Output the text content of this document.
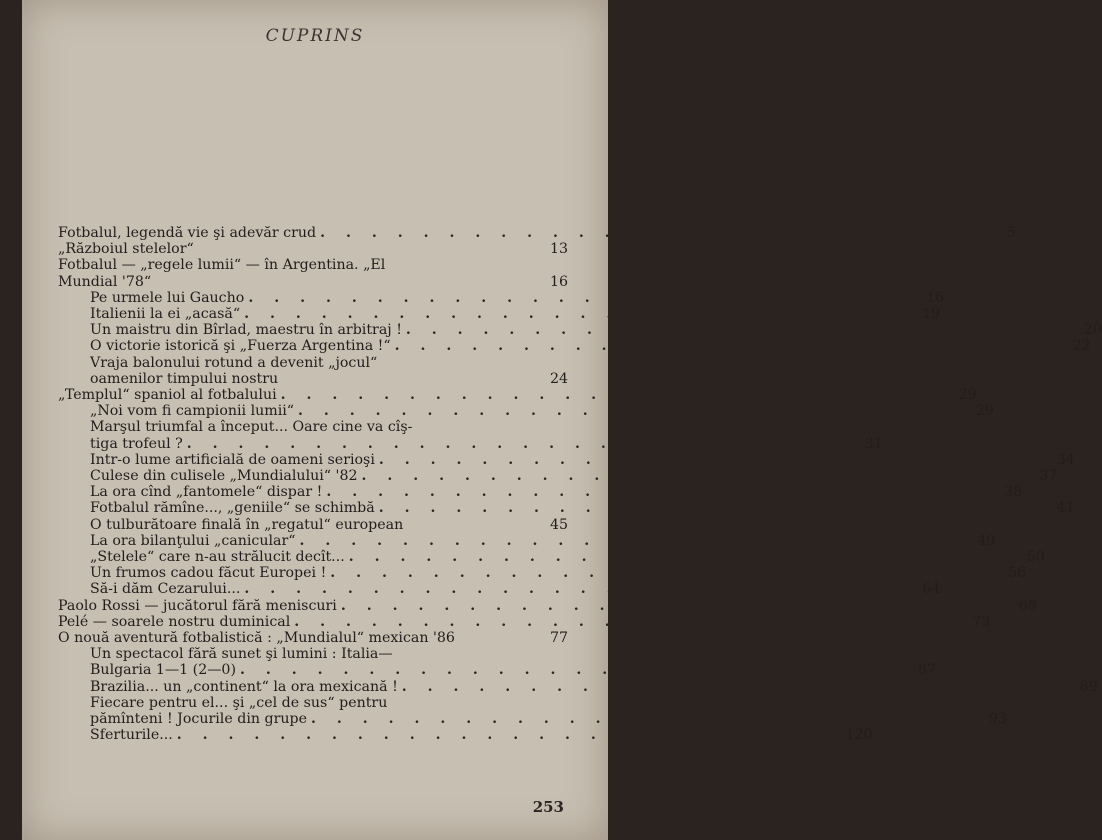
CUPRINS
Fotbalul, legendă vie şi adevăr crud . . . . . . . . . . . . . . . . . . . . . . . . . .	5
„Războiul stelelor“	13
Fotbalul — „regele lumii“ — în Argentina. „El
Mundial '78“	16
Pe urmele lui Gaucho . . . . . . . . . . . . . . . . . . . . . . . . . .	16
Italienii la ei „acasă“ . . . . . . . . . . . . . . . . . . . . . . . . . .	19
Un maistru din Bîrlad, maestru în arbitraj ! . . . . . . . . . . . . . . . . . . . . . . . . . .	20
O victorie istorică şi „Fuerza Argentina !“ . . . . . . . . . . . . . . . . . . . . . . . . . .	22
Vraja balonului rotund a devenit „jocul“
oamenilor timpului nostru	24
„Templul“ spaniol al fotbalului . . . . . . . . . . . . . . . . . . . . . . . . . .	29
„Noi vom fi campionii lumii“ . . . . . . . . . . . . . . . . . . . . . . . . . .	29
Marşul triumfal a început... Oare cine va cîş-
tiga trofeul ? . . . . . . . . . . . . . . . . . . . . . . . . . .	31
Intr-o lume artificială de oameni serioşi . . . . . . . . . . . . . . . . . . . . . . . . . .	34
Culese din culisele „Mundialului“ '82 . . . . . . . . . . . . . . . . . . . . . . . . . .	37
La ora cînd „fantomele“ dispar ! . . . . . . . . . . . . . . . . . . . . . . . . . .	38
Fotbalul rămîne..., „geniile“ se schimbă . . . . . . . . . . . . . . . . . . . . . . . . . .	41
O tulburătoare finală în „regatul“ european	45
La ora bilanţului „canicular“ . . . . . . . . . . . . . . . . . . . . . . . . . .	49
„Stelele“ care n-au strălucit decît... . . . . . . . . . . . . . . . . . . . . . . . . . .	50
Un frumos cadou făcut Europei ! . . . . . . . . . . . . . . . . . . . . . . . . . .	56
Să-i dăm Cezarului... . . . . . . . . . . . . . . . . . . . . . . . . . .	64
Paolo Rossi — jucătorul fără meniscuri . . . . . . . . . . . . . . . . . . . . . . . . . .	68
Pelé — soarele nostru duminical . . . . . . . . . . . . . . . . . . . . . . . . . .	73
O nouă aventură fotbalistică : „Mundialul“ mexican '86	77
Un spectacol fără sunet şi lumini : Italia—
Bulgaria 1—1 (2—0) . . . . . . . . . . . . . . . . . . . . . . . . . .	87
Brazilia... un „continent“ la ora mexicană ! . . . . . . . . . . . . . . . . . . . . . . . . . .	89
Fiecare pentru el... şi „cel de sus“ pentru
pămînteni ! Jocurile din grupe . . . . . . . . . . . . . . . . . . . . . . . . . .	93
Sferturile... . . . . . . . . . . . . . . . . . . . . . . . . . . 120
253
